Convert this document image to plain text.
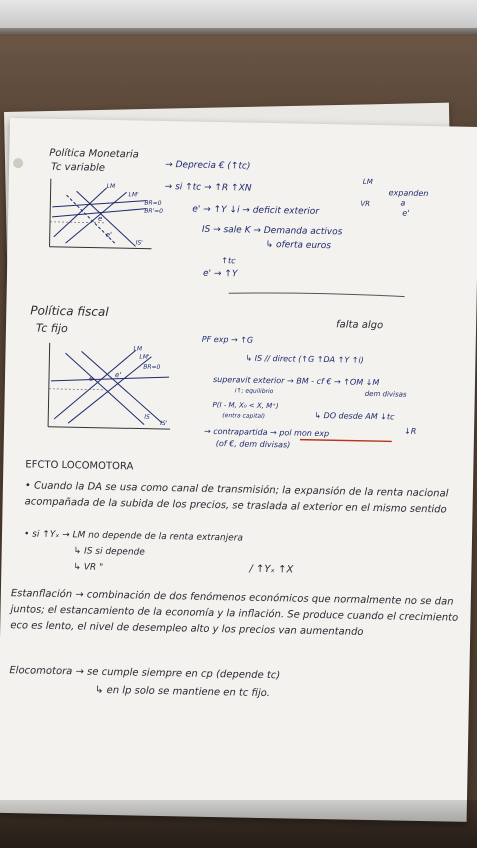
Política Monetaria
Tc variable
LM
LM'
BR=0
BR'=0
e
e'
IS'
→ Deprecia € (↑tc)
→ si ↑tc → ↑R ↑XN
e' → ↑Y ↓i → deficit exterior
IS → sale K → Demanda activos
↳ oferta euros
↑tc
e' → ↑Y
LM
VR
expanden
a
e'
Política fiscal
Tc fijo	falta algo
LM
LM'
BR=0
e	e'
IS
IS'
PF exp → ↑G
↳ IS // direct (↑G ↑DA ↑Y ↑i)
superavit exterior → BM - cf € → ↑OM ↓M
i↑; equilibrio	dem divisas
P(I - M, X₀ < X, M⁺)
(entra capital)	↳ DO desde AM ↓tc
↓R
→ contrapartida → pol mon exp
(of €, dem divisas)
EFCTO LOCOMOTORA
• Cuando la DA se usa como canal de transmisión; la expansión de la renta nacional acompañada de la subida de los precios, se traslada al exterior en el mismo sentido
• si ↑Yₓ → LM no depende de la renta extranjera
↳ IS si depende
↳ VR "	/ ↑Yₓ ↑X
Estanflación → combinación de dos fenómenos económicos que normalmente no se dan juntos; el estancamiento de la economía y la inflación. Se produce cuando el crecimiento eco es lento, el nivel de desempleo alto y los precios van aumentando
Elocomotora → se cumple siempre en cp (depende tc)
↳ en lp solo se mantiene en tc fijo.
